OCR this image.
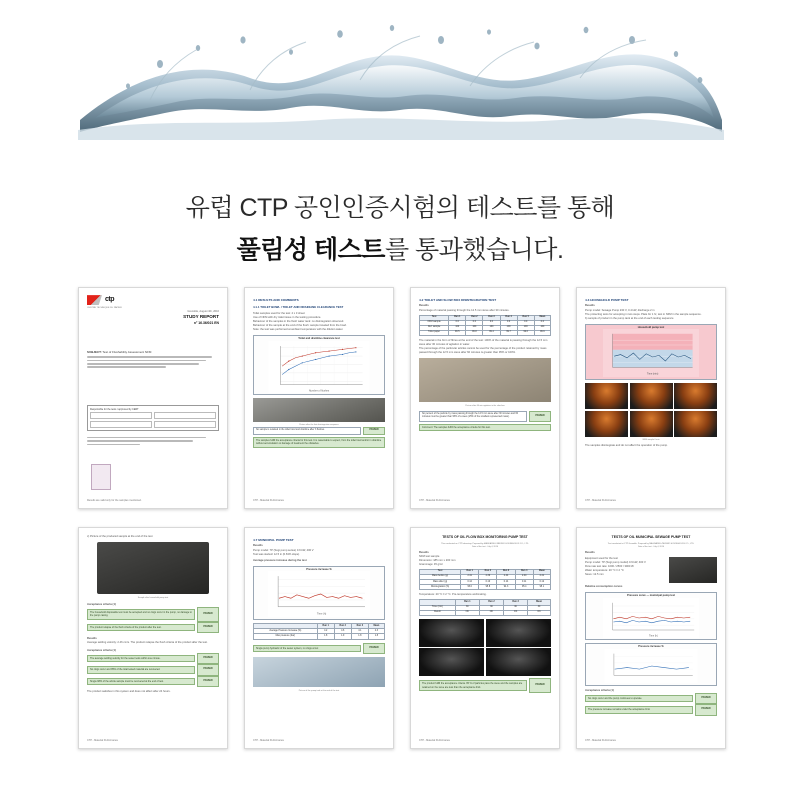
유럽 CTP 공인인증시험의 테스트를 통해
풀림성 테스트를 통과했습니다.
ctp
CENTRE TECHNIQUE DU PAPIER
Grenoble, August 4th, 2016
STUDY REPORT
n° 16.36/021 EN
SUBJECT: Test of Flushability Assessment NFM
Responsible for the tests / approved by CERT
Results are valid only for the samples mentioned.
4.1 RESULTS AND COMMENTS
4.1.1 TOILET BOWL / TOILET AND DRAINLINE CLEARANCE TEST
Toilet samples used for the test: 4 x 3 sheet
Use of NFM with dry toilet tissue in the testing procedure.
Behaviour of the samples in the flush water tank: no disintegration observed.
Behaviour of the sample at the end of the flush: sample traveled from the bowl.
Note: the test was performed at ambient temperature with the dilution water.
Toilet and drainline clearance test
Number of flushes
Picture after the first disintegration sequence
No sample is retained in the toilet bowl and drainline after 3 flushes.	PASSED
The samples fulfill the acceptance criteria for this test. It is reasonable to expect, from the toilet bowl and/or in drainline without accumulation or damage of treatment the obstacles.
CTP - Material Performance
4.2 TOILET AND SLOW BOX DISINTEGRATION TEST
Results
Percentage of material passing through the 12.5 mm sieve after 30 minutes.
Test	Run 1	Run 2	Run 3	Run 4	Run 5	Mean
NFM sample	0.0	0.0	0.0	0.0	0.0	0.0
Ref. sample	100	100	100	100	100	100
Toilet paper	99.5	99.8	99.4	99.7	99.6	99.6
The material in the form of fibres at the end of the test: 100% of the material is passing through the 12.5 mm sieve after 30 minutes of agitation in water.
The percentage of the particular articles cannot be used for the percentage of the product retained by mass passed through the 12.5 mm sieve after 60 minutes is greater than 95% or 100%.
Picture after 60 min agitation in the slow box
No percent of the particle by mass passing through the 12.5 mm sieve after 30 minutes and 60 minutes must be greater than 95% of a sieve (25% of the smallest represented mass).
PASSED
Comment: The samples fulfill the acceptance criteria for this test.
CTP - Material Performance
4.3 HOUSEHOLD PUMP TEST
Results
Pump model: Sewage Pump 230 V, 0.4 kW, discharge 2 in
The protecting tests for accepting in two steps. Plate for 1 hr, test in NFM in the sample sequence.
b) sample of product in the pump tank at the end of each testing sequence
Household pump test
Time (min)
NFM sample 0 min
The samples disintegrate and do not affect the operation of the pump.
CTP - Material Performance
c) Picture of the produced sample at the end of the test
Sample after household pump test
Acceptance criteria (1)
The household disposable test must be accepted and no clogs occur in the pump, no damage to the pump casing.
PASSED
The product relapse of the flush criteria of the product after the test.	PASSED
Results
Average settling velocity: 2.46 cm/s. The product relapse the flush criteria of the product after the test.
Acceptance criteria (1)
The average settling velocity for the sewer tests within one minute.	PASSED
No clogs occur and 95% of the total tested material are recovered.	PASSED
Single 98% of the article sample must be recovered at the end of test.	PASSED
The product satisfies in this system and does not affect after 24 hours.
CTP - Material Performance
4.7 MUNICIPAL PUMP TEST
Results
Pump model: 7P (Sogi pump series) 0.9 kW, 400 V
Test was started: 12.5 in (0.63% slope)
Average pressure increase during the test
Pressure increase %
Time (h)
	Run 1	Run 2	Run 3	Mean
Average Pressure Increase (%)	4.2	4.6	4.1	4.3
Max pressure (bar)	1.8	1.9	1.8	1.8
Single pump hydraulic of the sewer system, no clogs occur.	PASSED
Picture of the pump tank at the end of the test
CTP - Material Performance
TESTS OF OIL FLOW BOX MONITORING PUMP TEST
This conducted on CTP laboratory. Prepared by MAGDARELL/NEDIMO HOUSEHOLDS CO., LTD.
Date of the test : July 4, 2016
Results
NFM test sample
Dimension: 185 mm x 200 mm
Grammage: 45 g/m²
Test	Run 1	Run 2	Run 3	Run 4	Mean
Mass before (g)	2.41	2.39	2.44	2.40	2.41
Mass after (g)	0.12	0.10	0.14	0.11	0.12
Disintegration (%)	95.0	95.8	94.3	95.4	95.1
Temperature: 20 °C ± 2 °C. Pre-temperature acclimating.
	Run 1	Run 2	Run 3	Mean
Time (min)	30	30	30	30
Result	OK	OK	OK	OK
The product fulfill the acceptance criteria. 95 % of particles pass the sieve and the samples are retained on the sieve are less than the acceptance limit.
PASSED
CTP - Material Performance
TESTS OF OIL MUNICIPAL SEWAGE PUMP TEST
Test conducted at CTP Grenoble. Prepared by MAGDARELL/NEDIMO HOUSEHOLDS CO., LTD.
Date of the test : July 4, 2016
Results
Equipment used for the test
Pump model: 7P (Sogi pump model) 0.9 kW, 400 V
Flow rate test rate: 1000 / 2500 / 3000 l/h
Water temperature: 20 °C ± 2 °C
Sieve: 12.5 mm
Relative consumption curves
Pressure curve — municipal pump test
Time (h)
Pressure increase %
Acceptance criteria (1)
No clogs occur and the pump continues to operate.	PASSED
The pressure increase remains under the acceptance limit.	PASSED
CTP - Material Performance
